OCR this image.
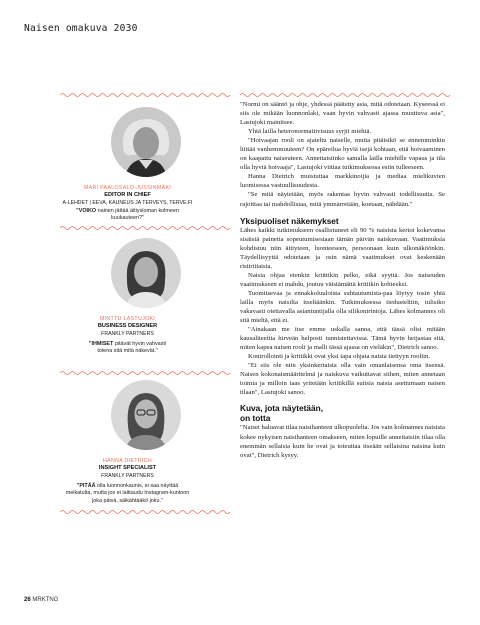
Naisen omakuva 2030
MARI PAALOSALO-JUSSINMÄKI
EDITOR IN CHIEF
A-LEHDET | EEVA, KAUNEUS JA TERVEYS, TERVE.FI
"VOIKO nainen jättää äitiysloman kolmeen kuukauteen?"
MINTTU LASTUJOKI
BUSINESS DESIGNER
FRANKLY PARTNERS
"IHMISET pitävät hyvin vahvasti totena sitä mitä näkevät."
HANNA DIETRICH
INSIGHT SPECIALIST
FRANKLY PARTNERS
"PITÄÄ olla luonnonkaunis, ei saa näyttää meikatulta, mutta jos ei laittaudu Instagram-kuntoon joka päivä, säikähtääkö joku."

"Normi on sääntö ja ohje, yhdessä päätetty asia, mitä odotetaan. Kyseessä ei siis ole mikään luonnonlaki, vaan hyvin vahvasti ajassa muuttuva asia", Lastujoki mainitsee.

Yhtä lailla heteronormatiivisuus syrjii miehiä.

"Hoivaajan rooli on ajateltu naiselle, mutta pitäisikö se ennemminkin liittää vanhemmuuteen? On epäreilua hyviä isejä kohtaan, että hoivaaminen on kaapattu naiseuteen. Annettaisiinko samalla lailla miehille vapaus ja tila olla hyviä hoivaaja", Lastujoki viittaa tutkimuksessa esiin tulleeseen.

Hanna Dietrich muistuttaa markkinoijia ja mediaa mielikuvien luomisessa vastuullisuudesta.

"Se mitä näytetään, myös rakentaa hyvin vahvasti todellisuutta. Se rajoittaa tai mahdollistaa, mitä ymmärretään, koetaan, nähdään."

Yksipuoliset näkemykset

Lähes kaikki tutkimukseen osallistuneet eli 90 % naisista kertoi kokevansa sisäistä painetta sopeutumisestaan tämän päivän naiskuvaan. Vaatimuksia kohdistuu niin äitiyteen, luonteeseen, persoonaan kuin ulkonäköönkin. Täydellisyyttä odotetaan ja osin nämä vaatimukset ovat keskenään ristiriitaisia.

Naisia ohjaa etenkin kriittikin pelko, eikä syyttä. Jos naiseuden vaatimukseen ei mahdu, joutuu väistämättä kritiikin kohteeksi.

Tuomitsevaa ja ennakkoluuloista suhtautumista-paa löytyy tosin yhtä lailla myös naisilta itseltäänkin. Tutkimuksessa tiedusteltiin, tulisiko vakavasti otettavalla asiantuntijalla olla silikonirintoja. Lähes kolmannes oli sitä mieltä, että ei.

"Ainakaan me itse emme uskalla sanoa, että tässä olisi mitään kausaliteettia hirveän helposti tunnistettavissa. Tämä hyvin heijastaa sitä, miten kapea naisen rooli ja malli tässä ajassa on vieläkin", Dietrich sanoo.

Kontrollointi ja kritiikki ovat yksi tapa ohjata naista tiettyyn rooliin.

"Ei siis ole niin yksinkertaista olla vain omanlaisensa oma itsensä. Naisen kokonaismääritelmä ja naiskuva vaikuttavat siihen, miten annetaan toimia ja milloin taas yritetään kriitikillä suitsia naista asettumaan naisen tilaan", Lastujoki sanoo.

Kuva, jota näytetään,
on totta

"Naiset haluavat tilaa naisihanteen ulkopuolelta. Jos vain kolmannes naisista kokee nykyisen naisihanteen omakseen, miten lopuille annettaisiin tilaa olla enemmän sellaisia kuin he ovat ja toteuttaa itseään sellaisina naisina kuin ovat", Dietrich kysyy.

26 MRKTNG
